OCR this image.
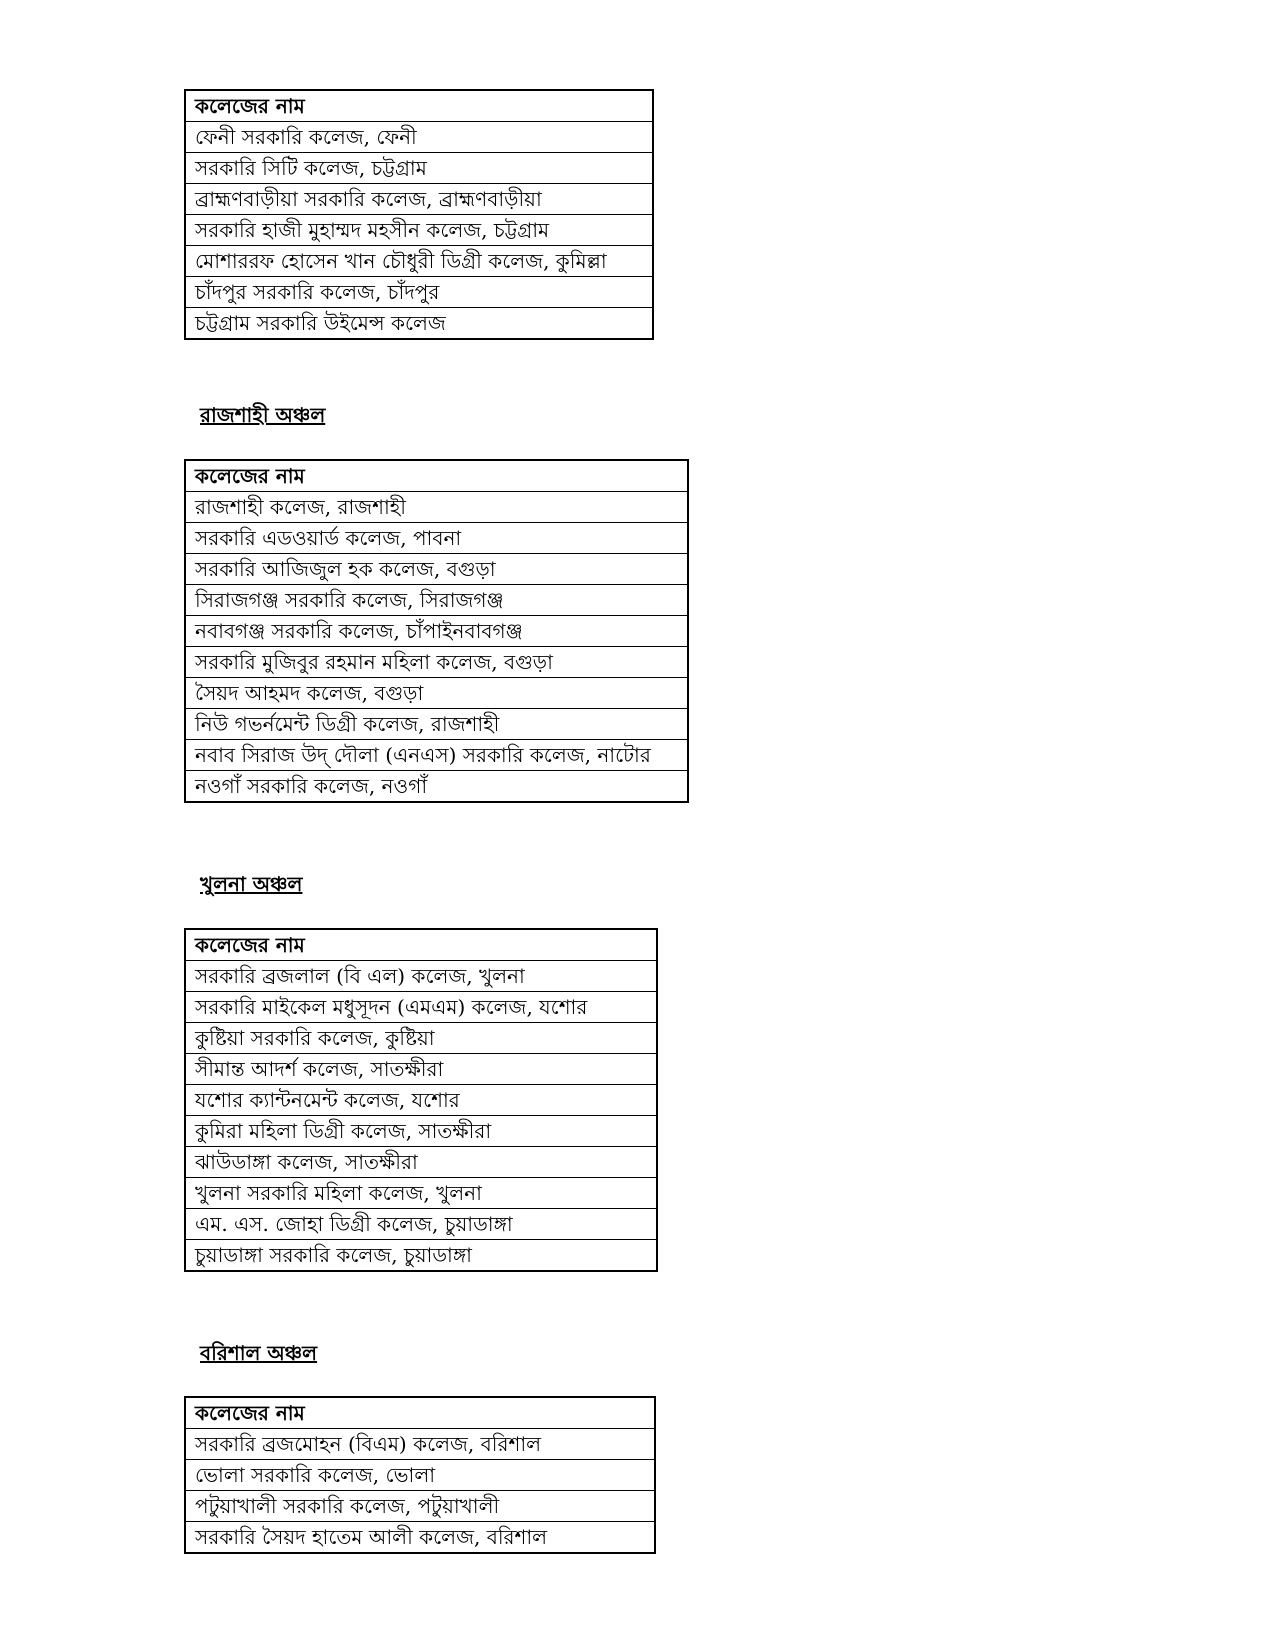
কলেজের নাম
ফেনী সরকারি কলেজ, ফেনী
সরকারি সিটি কলেজ, চট্টগ্রাম
ব্রাহ্মণবাড়ীয়া সরকারি কলেজ, ব্রাহ্মণবাড়ীয়া
সরকারি হাজী মুহাম্মদ মহসীন কলেজ, চট্টগ্রাম
মোশাররফ হোসেন খান চৌধুরী ডিগ্রী কলেজ, কুমিল্লা
চাঁদপুর সরকারি কলেজ, চাঁদপুর
চট্টগ্রাম সরকারি উইমেন্স কলেজ
রাজশাহী অঞ্চল
কলেজের নাম
রাজশাহী কলেজ, রাজশাহী
সরকারি এডওয়ার্ড কলেজ, পাবনা
সরকারি আজিজুল হক কলেজ, বগুড়া
সিরাজগঞ্জ সরকারি কলেজ, সিরাজগঞ্জ
নবাবগঞ্জ সরকারি কলেজ, চাঁপাইনবাবগঞ্জ
সরকারি মুজিবুর রহমান মহিলা কলেজ, বগুড়া
সৈয়দ আহমদ কলেজ, বগুড়া
নিউ গভর্নমেন্ট ডিগ্রী কলেজ, রাজশাহী
নবাব সিরাজ উদ্ দৌলা (এনএস) সরকারি কলেজ, নাটোর
নওগাঁ সরকারি কলেজ, নওগাঁ
খুলনা অঞ্চল
কলেজের নাম
সরকারি ব্রজলাল (বি এল) কলেজ, খুলনা
সরকারি মাইকেল মধুসূদন (এমএম) কলেজ, যশোর
কুষ্টিয়া সরকারি কলেজ, কুষ্টিয়া
সীমান্ত আদর্শ কলেজ, সাতক্ষীরা
যশোর ক্যান্টনমেন্ট কলেজ, যশোর
কুমিরা মহিলা ডিগ্রী কলেজ, সাতক্ষীরা
ঝাউডাঙ্গা কলেজ, সাতক্ষীরা
খুলনা সরকারি মহিলা কলেজ, খুলনা
এম. এস. জোহা ডিগ্রী কলেজ, চুয়াডাঙ্গা
চুয়াডাঙ্গা সরকারি কলেজ, চুয়াডাঙ্গা
বরিশাল অঞ্চল
কলেজের নাম
সরকারি ব্রজমোহন (বিএম) কলেজ, বরিশাল
ভোলা সরকারি কলেজ, ভোলা
পটুয়াখালী সরকারি কলেজ, পটুয়াখালী
সরকারি সৈয়দ হাতেম আলী কলেজ, বরিশাল
